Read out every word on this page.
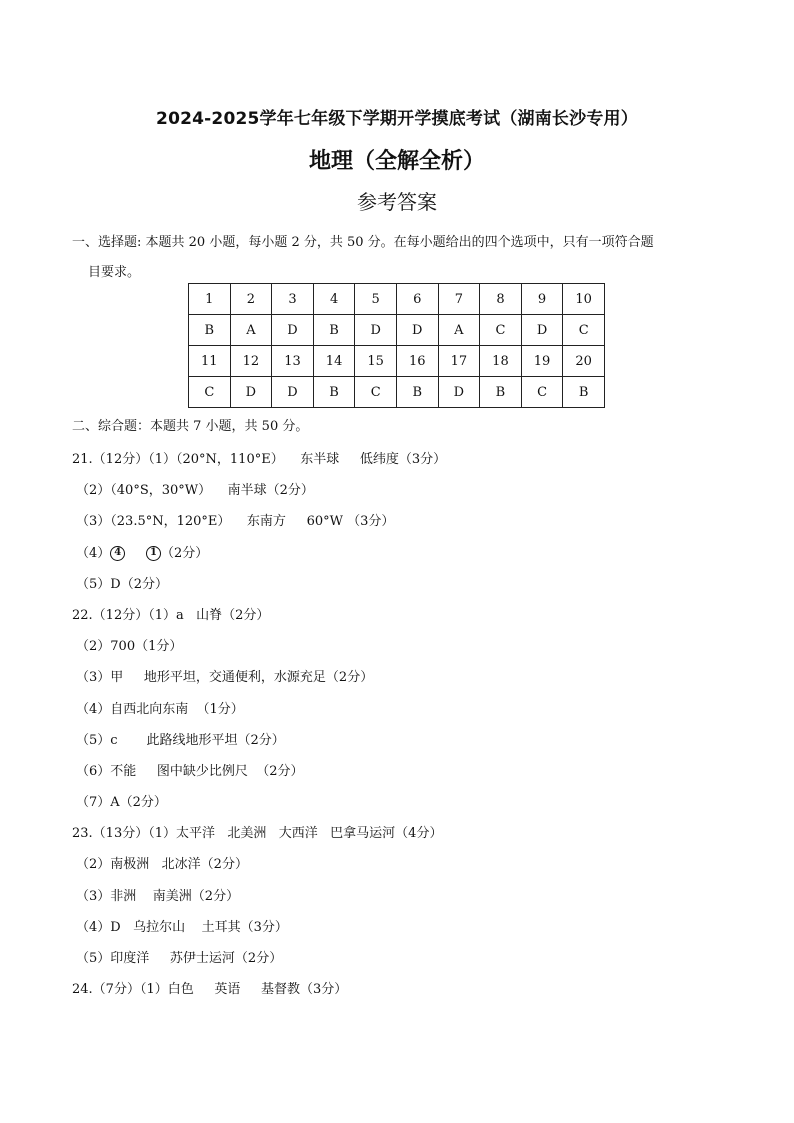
2024-2025学年七年级下学期开学摸底考试（湖南长沙专用）
地理（全解全析）
参考答案
一、选择题: 本题共 20 小题，每小题 2 分，共 50 分。在每小题给出的四个选项中，只有一项符合题
目要求。
1	2	3	4	5	6	7	8	9	10
B	A	D	B	D	D	A	C	D	C
11	12	13	14	15	16	17	18	19	20
C	D	D	B	C	B	D	B	C	B
二、综合题：本题共 7 小题，共 50 分。
21.（12分）（1）（20°N，110°E）    东半球     低纬度（3分）
（2）（40°S，30°W）    南半球（2分）
（3）（23.5°N，120°E）    东南方     60°W （3分）
（4） 4	1 （2分）
（5）D（2分）
22.（12分）（1）a   山脊（2分）
（2）700（1分）
（3）甲     地形平坦，交通便利，水源充足（2分）
（4）自西北向东南  （1分）
（5）c       此路线地形平坦（2分）
（6）不能     图中缺少比例尺  （2分）
（7）A（2分）
23.（13分）（1）太平洋   北美洲   大西洋   巴拿马运河（4分）
（2）南极洲   北冰洋（2分）
（3）非洲    南美洲（2分）
（4）D   乌拉尔山    土耳其（3分）
（5）印度洋     苏伊士运河（2分）
24.（7分）（1）白色     英语     基督教（3分）
